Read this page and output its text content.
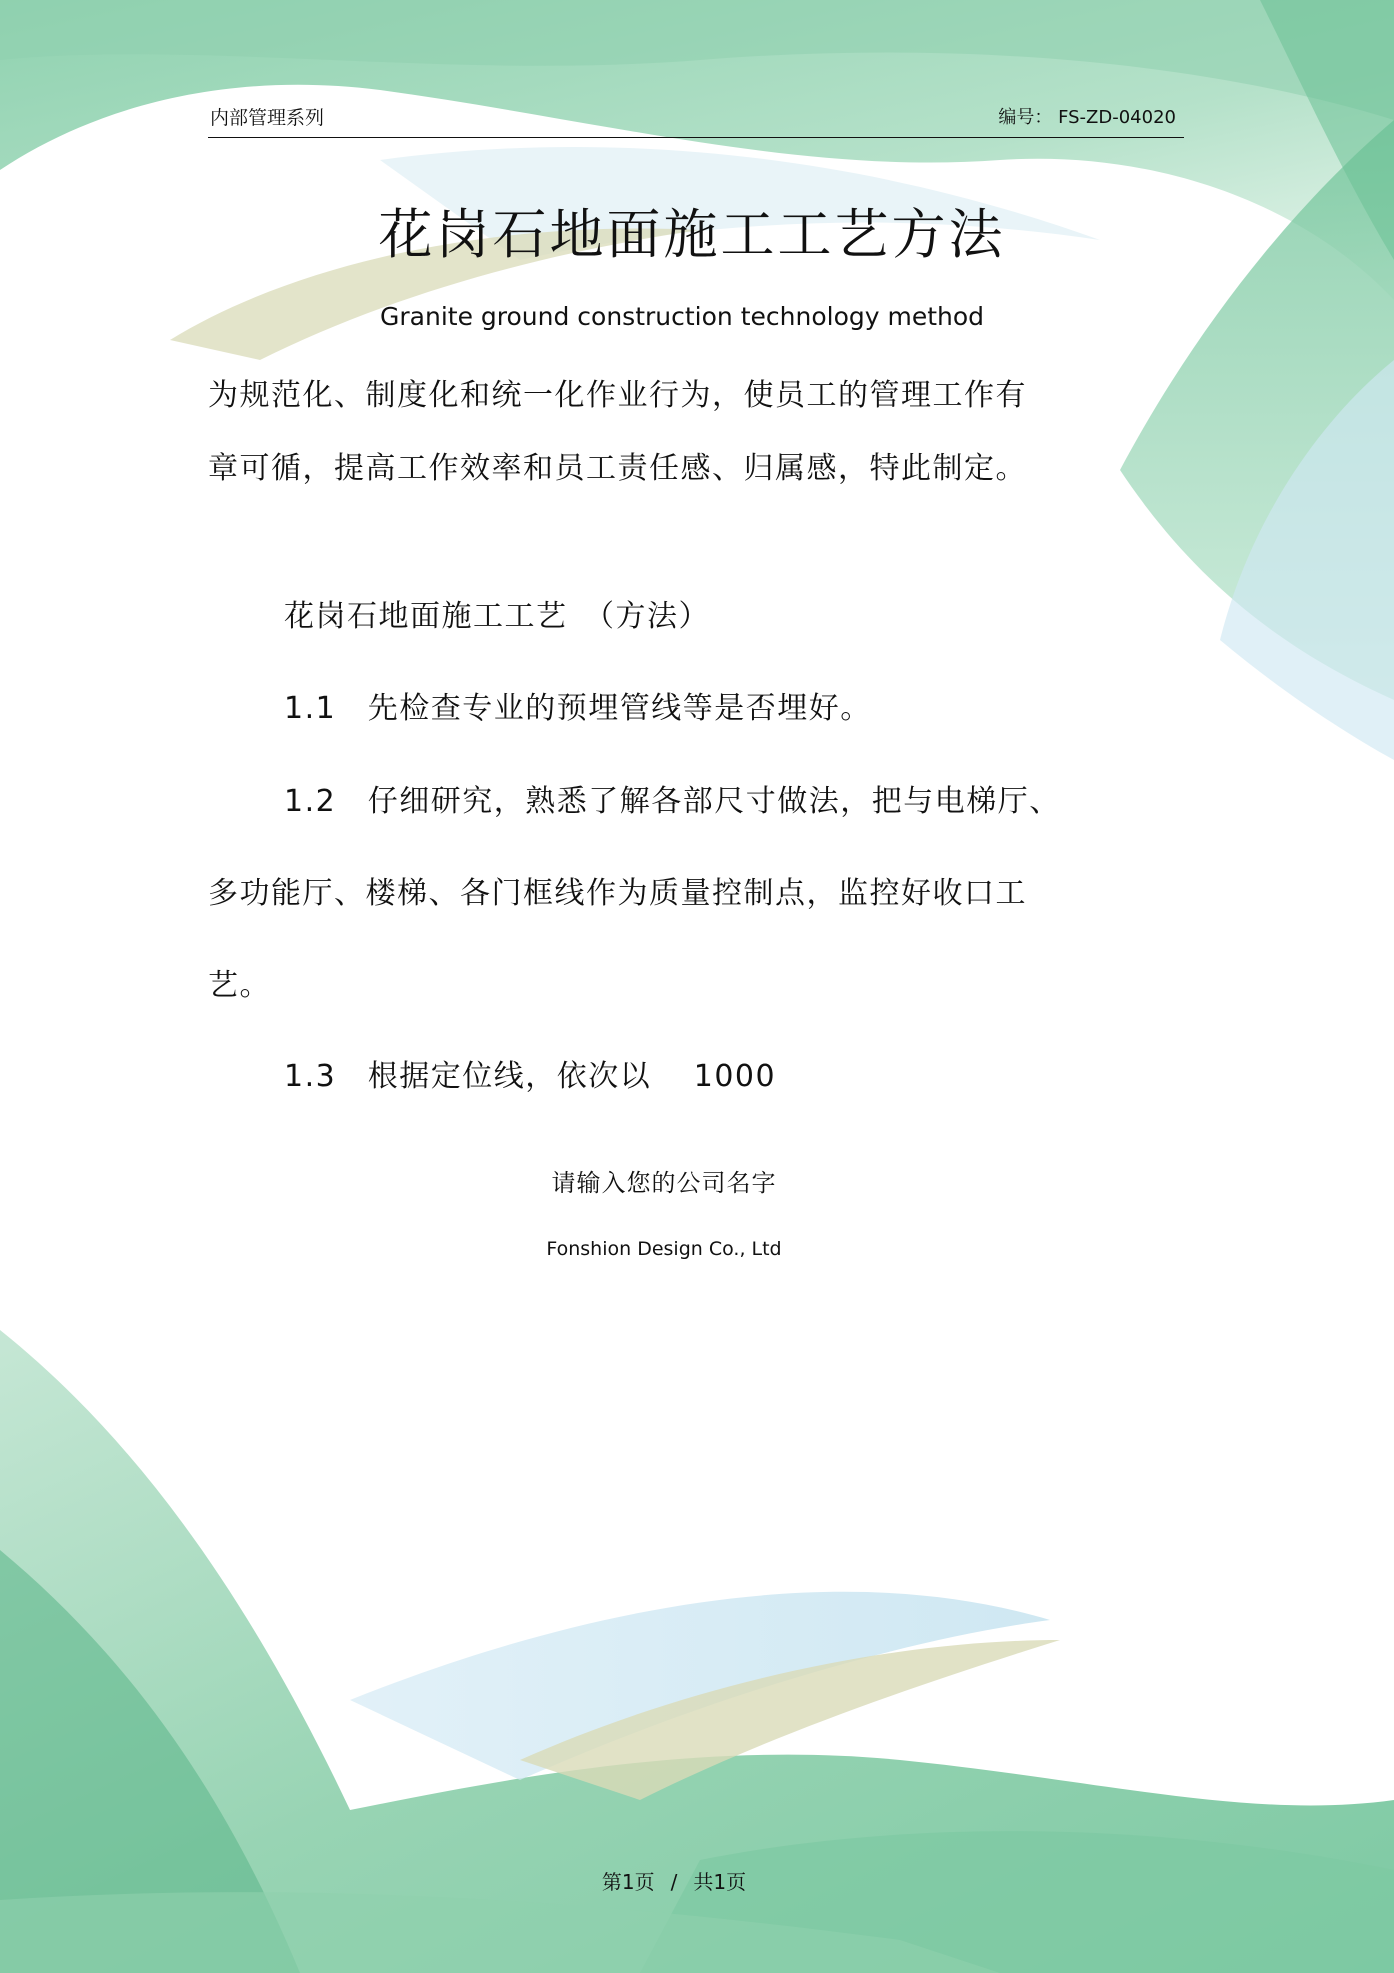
内部管理系列	编号： FS-ZD-04020
花岗石地面施工工艺方法
Granite ground construction technology method
为规范化、制度化和统一化作业行为，使员工的管理工作有
章可循，提高工作效率和员工责任感、归属感，特此制定。
花岗石地面施工工艺　（方法）
1.1　先检查专业的预埋管线等是否埋好。
1.2　仔细研究，熟悉了解各部尺寸做法，把与电梯厅、
多功能厅、楼梯、各门框线作为质量控制点，监控好收口工
艺。
1.3　根据定位线，依次以　 1000
请输入您的公司名字
Fonshion Design Co., Ltd
第1页 / 共1页
